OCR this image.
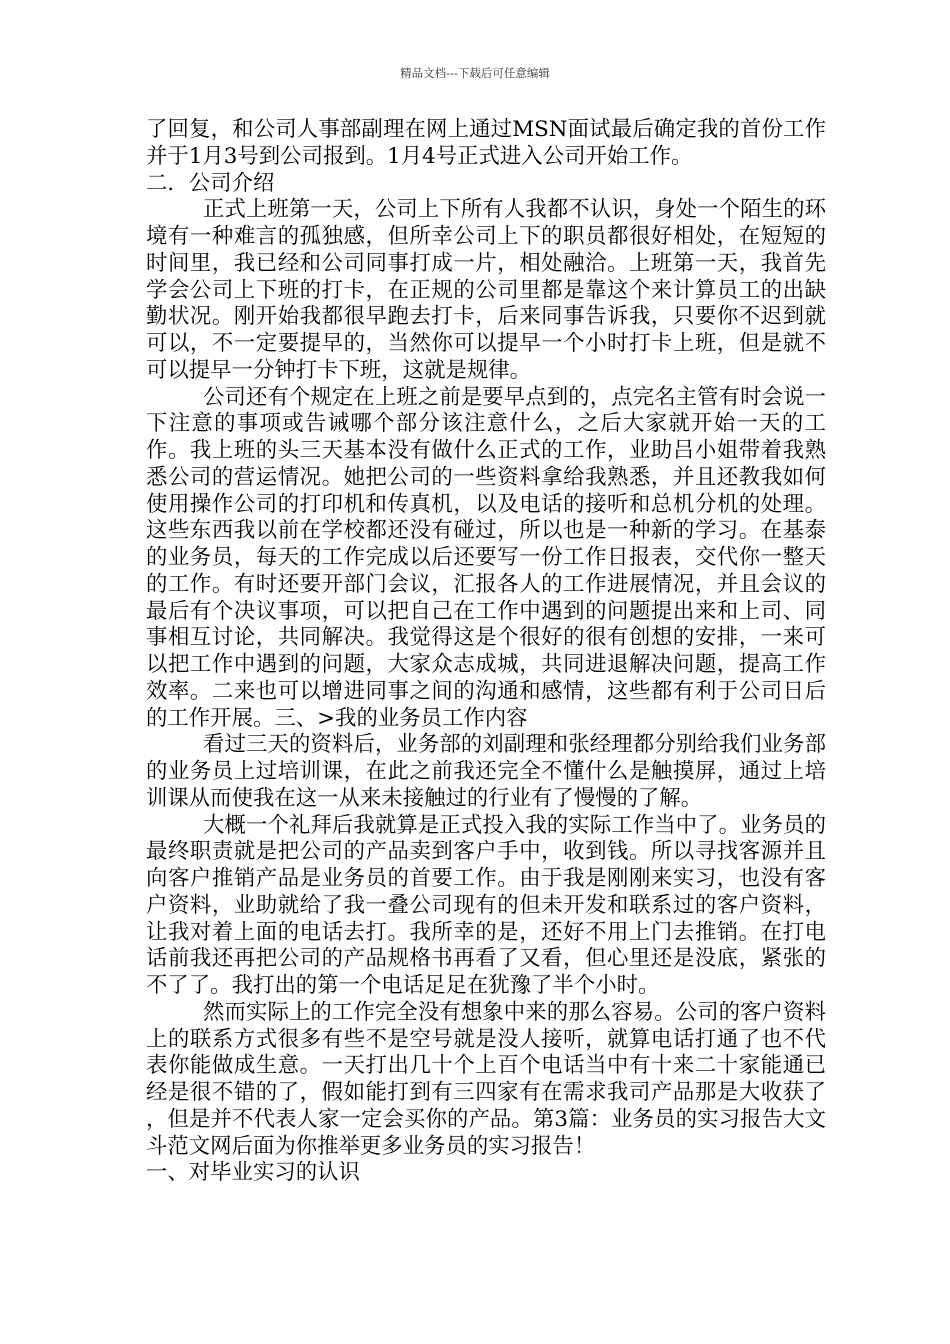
精品文档---下载后可任意编辑

了回复，和公司人事部副理在网上通过MSN面试最后确定我的首份工作并于1月3号到公司报到。1月4号正式进入公司开始工作。

二．公司介绍

正式上班第一天，公司上下所有人我都不认识，身处一个陌生的环境有一种难言的孤独感，但所幸公司上下的职员都很好相处，在短短的时间里，我已经和公司同事打成一片，相处融洽。上班第一天，我首先学会公司上下班的打卡，在正规的公司里都是靠这个来计算员工的出缺勤状况。刚开始我都很早跑去打卡，后来同事告诉我，只要你不迟到就可以，不一定要提早的，当然你可以提早一个小时打卡上班，但是就不可以提早一分钟打卡下班，这就是规律。

公司还有个规定在上班之前是要早点到的，点完名主管有时会说一下注意的事项或告诫哪个部分该注意什么，之后大家就开始一天的工作。我上班的头三天基本没有做什么正式的工作，业助吕小姐带着我熟悉公司的营运情况。她把公司的一些资料拿给我熟悉，并且还教我如何使用操作公司的打印机和传真机，以及电话的接听和总机分机的处理。这些东西我以前在学校都还没有碰过，所以也是一种新的学习。在基泰的业务员，每天的工作完成以后还要写一份工作日报表，交代你一整天的工作。有时还要开部门会议，汇报各人的工作进展情况，并且会议的最后有个决议事项，可以把自己在工作中遇到的问题提出来和上司、同事相互讨论，共同解决。我觉得这是个很好的很有创想的安排，一来可以把工作中遇到的问题，大家众志成城，共同进退解决问题，提高工作效率。二来也可以增进同事之间的沟通和感情，这些都有利于公司日后的工作开展。三、>我的业务员工作内容

看过三天的资料后，业务部的刘副理和张经理都分别给我们业务部的业务员上过培训课，在此之前我还完全不懂什么是触摸屏，通过上培训课从而使我在这一从来未接触过的行业有了慢慢的了解。

大概一个礼拜后我就算是正式投入我的实际工作当中了。业务员的最终职责就是把公司的产品卖到客户手中，收到钱。所以寻找客源并且向客户推销产品是业务员的首要工作。由于我是刚刚来实习，也没有客户资料，业助就给了我一叠公司现有的但未开发和联系过的客户资料，让我对着上面的电话去打。我所幸的是，还好不用上门去推销。在打电话前我还再把公司的产品规格书再看了又看，但心里还是没底，紧张的不了了。我打出的第一个电话足足在犹豫了半个小时。

然而实际上的工作完全没有想象中来的那么容易。公司的客户资料上的联系方式很多有些不是空号就是没人接听，就算电话打通了也不代表你能做成生意。一天打出几十个上百个电话当中有十来二十家能通已经是很不错的了，假如能打到有三四家有在需求我司产品那是大收获了 ，但是并不代表人家一定会买你的产品。第3篇：业务员的实习报告大文斗范文网后面为你推举更多业务员的实习报告！

一、对毕业实习的认识
